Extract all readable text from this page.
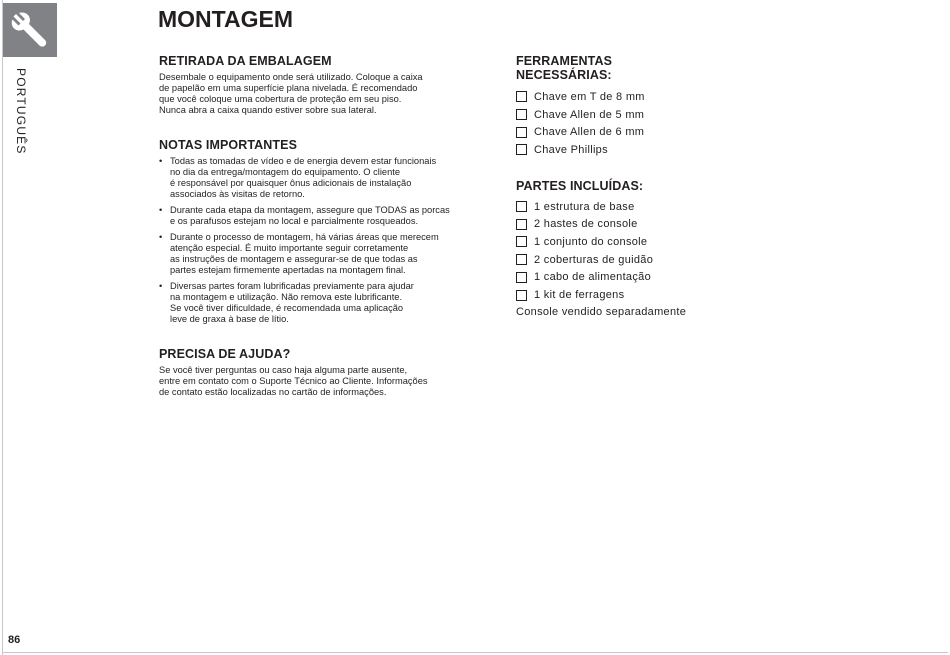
PORTUGUÊS
MONTAGEM
RETIRADA DA EMBALAGEM

Desembale o equipamento onde será utilizado. Coloque a caixa
de papelão em uma superfície plana nivelada. É recomendado
que você coloque uma cobertura de proteção em seu piso.
Nunca abra a caixa quando estiver sobre sua lateral.

NOTAS IMPORTANTES
• Todas as tomadas de vídeo e de energia devem estar funcionais
no dia da entrega/montagem do equipamento. O cliente
é responsável por quaisquer ônus adicionais de instalação
associados às visitas de retorno.
• Durante cada etapa da montagem, assegure que TODAS as porcas
e os parafusos estejam no local e parcialmente rosqueados.
• Durante o processo de montagem, há várias áreas que merecem
atenção especial. É muito importante seguir corretamente
as instruções de montagem e assegurar-se de que todas as
partes estejam firmemente apertadas na montagem final.
• Diversas partes foram lubrificadas previamente para ajudar
na montagem e utilização. Não remova este lubrificante.
Se você tiver dificuldade, é recomendada uma aplicação
leve de graxa à base de lítio.
PRECISA DE AJUDA?

Se você tiver perguntas ou caso haja alguma parte ausente,
entre em contato com o Suporte Técnico ao Cliente. Informações
de contato estão localizadas no cartão de informações.

FERRAMENTAS
NECESSÁRIAS:
Chave em T de 8 mm
Chave Allen de 5 mm
Chave Allen de 6 mm
Chave Phillips
PARTES INCLUÍDAS:
1 estrutura de base
2 hastes de console
1 conjunto do console
2 coberturas de guidão
1 cabo de alimentação
1 kit de ferragens
Console vendido separadamente
86
